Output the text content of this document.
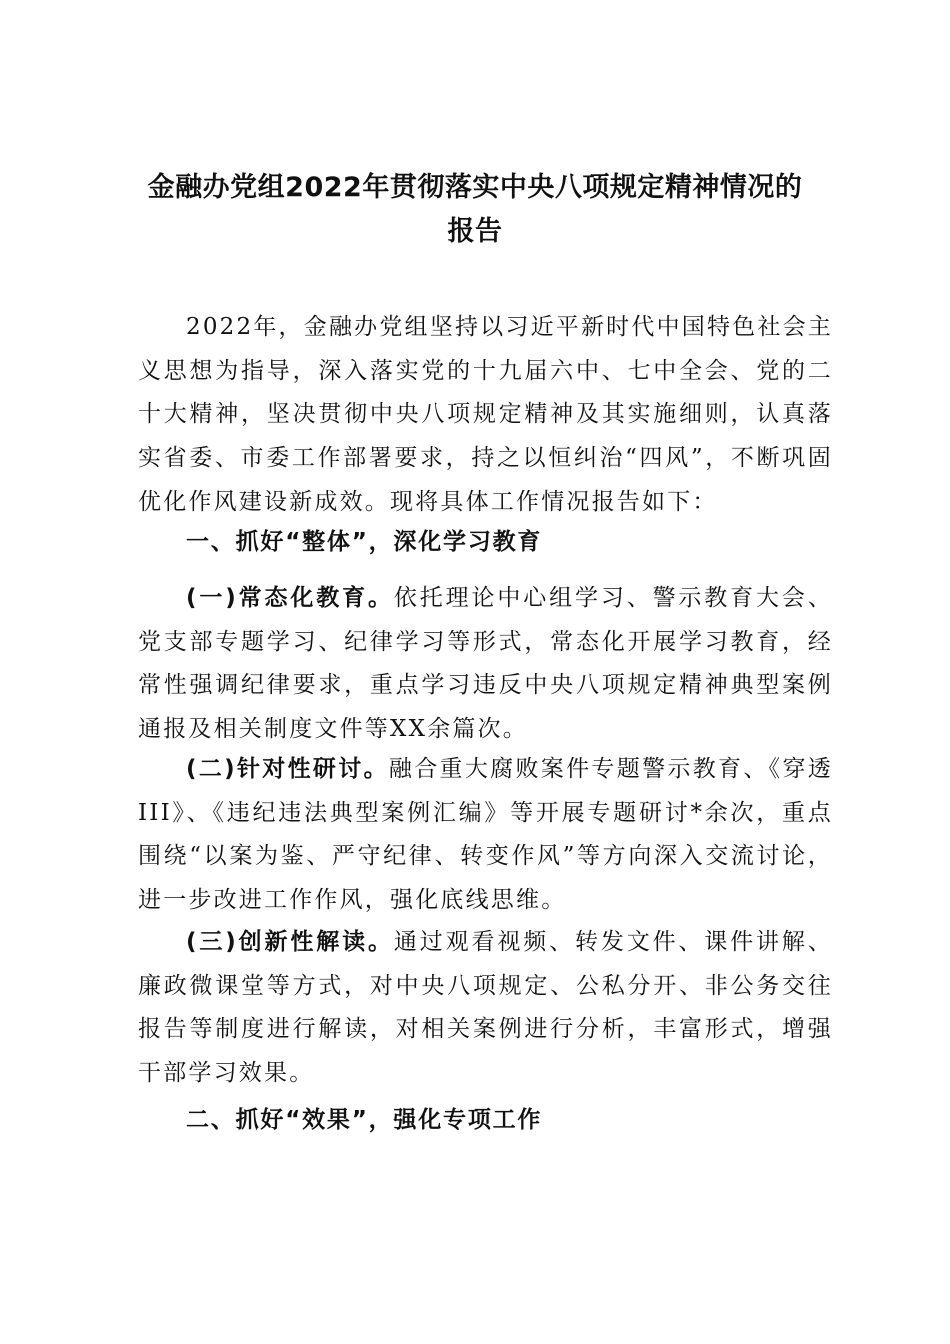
金融办党组2022年贯彻落实中央八项规定精神情况的
报告
2022年，金融办党组坚持以习近平新时代中国特色社会主义思想为指导，深入落实党的十九届六中、七中全会、党的二十大精神，坚决贯彻中央八项规定精神及其实施细则，认真落实省委、市委工作部署要求，持之以恒纠治“四风”，不断巩固优化作风建设新成效。现将具体工作情况报告如下：
一、抓好“整体”，深化学习教育
(一)常态化教育。依托理论中心组学习、警示教育大会、党支部专题学习、纪律学习等形式，常态化开展学习教育，经常性强调纪律要求，重点学习违反中央八项规定精神典型案例通报及相关制度文件等XX余篇次。
(二)针对性研讨。融合重大腐败案件专题警示教育、《穿透III》、《违纪违法典型案例汇编》等开展专题研讨*余次，重点围绕“以案为鉴、严守纪律、转变作风”等方向深入交流讨论，进一步改进工作作风，强化底线思维。
(三)创新性解读。通过观看视频、转发文件、课件讲解、廉政微课堂等方式，对中央八项规定、公私分开、非公务交往报告等制度进行解读，对相关案例进行分析，丰富形式，增强干部学习效果。
二、抓好“效果”，强化专项工作
